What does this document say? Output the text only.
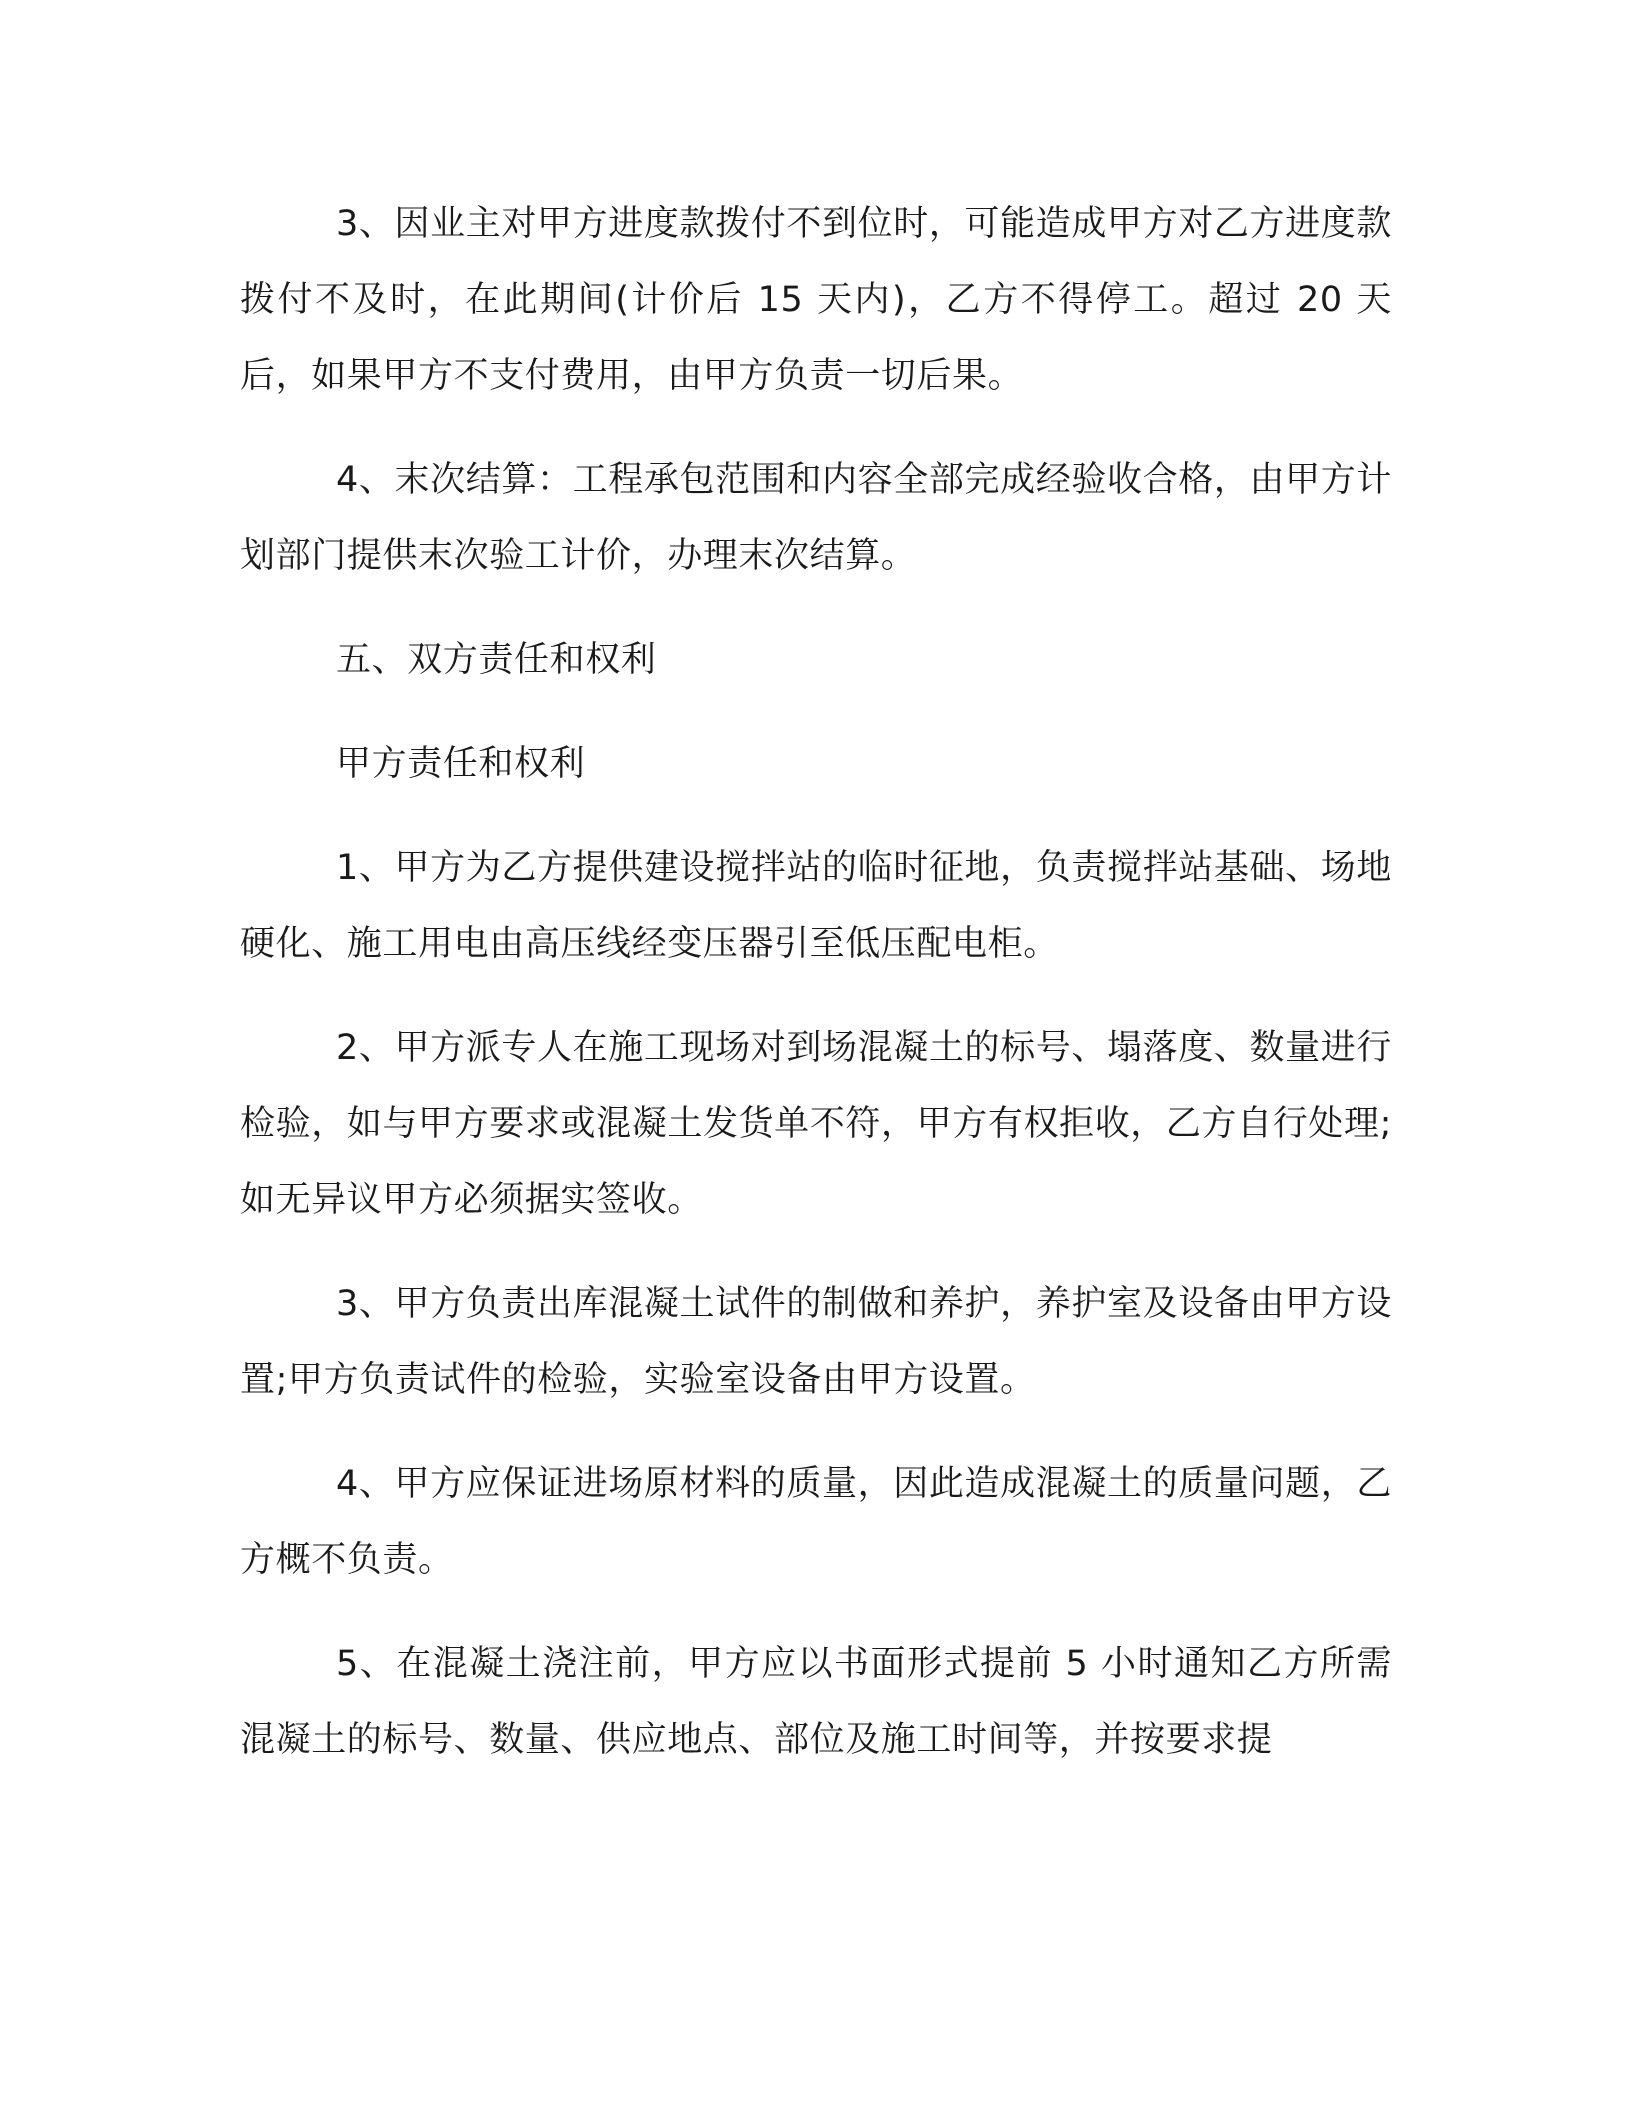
3、因业主对甲方进度款拨付不到位时，可能造成甲方对乙方进度款拨付不及时，在此期间(计价后 15 天内)，乙方不得停工。超过 20 天后，如果甲方不支付费用，由甲方负责一切后果。

4、末次结算：工程承包范围和内容全部完成经验收合格，由甲方计划部门提供末次验工计价，办理末次结算。

五、双方责任和权利

甲方责任和权利

1、甲方为乙方提供建设搅拌站的临时征地，负责搅拌站基础、场地硬化、施工用电由高压线经变压器引至低压配电柜。

2、甲方派专人在施工现场对到场混凝土的标号、塌落度、数量进行检验，如与甲方要求或混凝土发货单不符，甲方有权拒收，乙方自行处理;如无异议甲方必须据实签收。

3、甲方负责出库混凝土试件的制做和养护，养护室及设备由甲方设置;甲方负责试件的检验，实验室设备由甲方设置。

4、甲方应保证进场原材料的质量，因此造成混凝土的质量问题，乙方概不负责。

5、在混凝土浇注前，甲方应以书面形式提前 5 小时通知乙方所需混凝土的标号、数量、供应地点、部位及施工时间等，并按要求提
